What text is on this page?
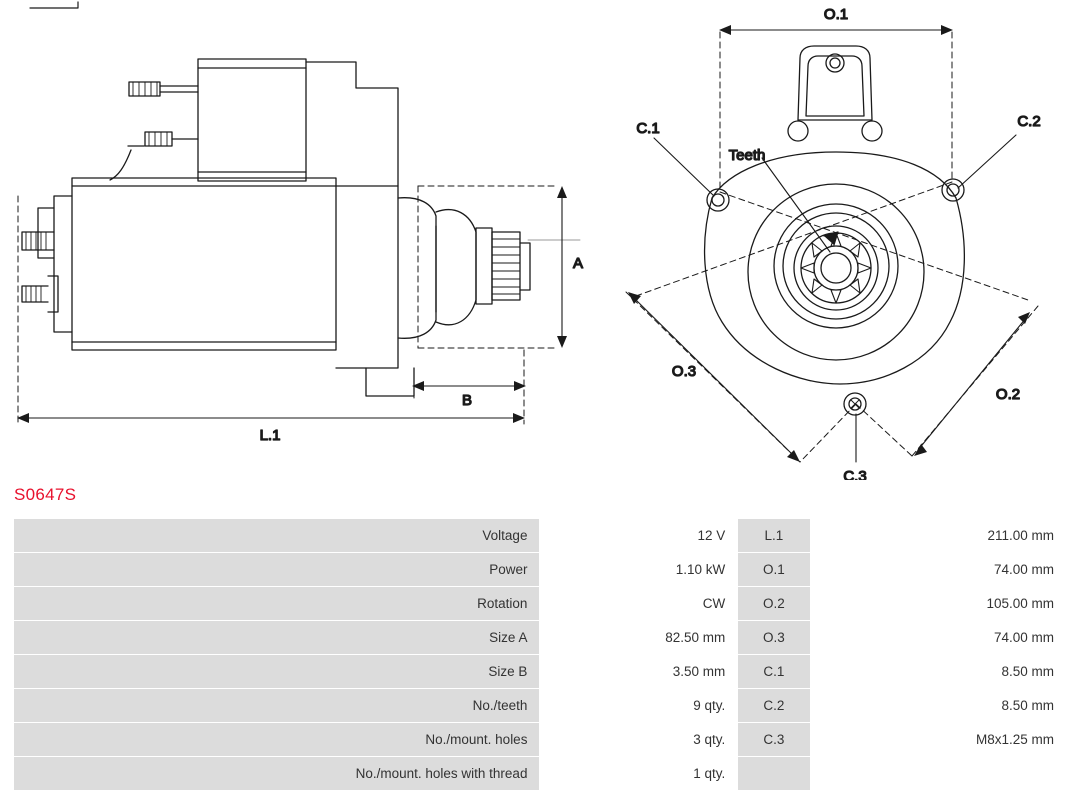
A
B
L.1
O.1
O.2
O.3
C.1	C.2
C.3
Teeth
S0647S
Voltage	12 V	L.1	211.00 mm
Power	1.10 kW	O.1	74.00 mm
Rotation	CW	O.2	105.00 mm
Size A	82.50 mm	O.3	74.00 mm
Size B	3.50 mm	C.1	8.50 mm
No./teeth	9 qty.	C.2	8.50 mm
No./mount. holes	3 qty.	C.3	M8x1.25 mm
No./mount. holes with thread	1 qty.		
